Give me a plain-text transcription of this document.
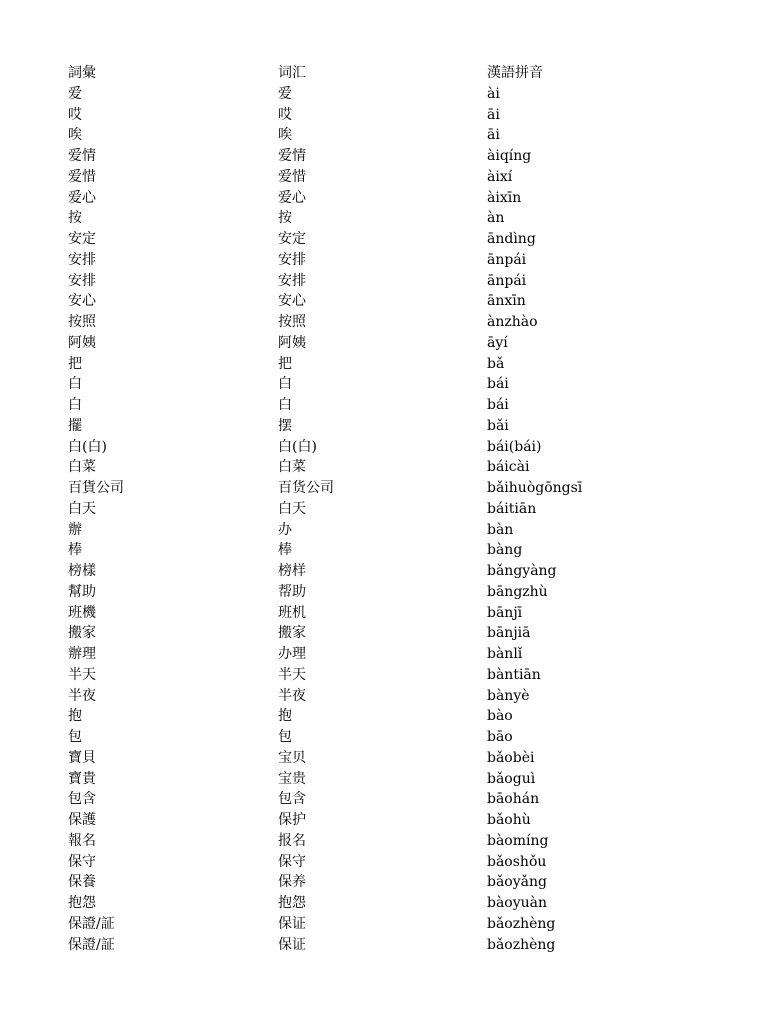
詞彙	词汇	漢語拼音
爱	爱	ài
哎	哎	āi
唉	唉	āi
爱情	爱情	àiqíng
爱惜	爱惜	àixí
爱心	爱心	àixīn
按	按	àn
安定	安定	āndìng
安排	安排	ānpái
安排	安排	ānpái
安心	安心	ānxīn
按照	按照	ànzhào
阿姨	阿姨	āyí
把	把	bǎ
白	白	bái
白	白	bái
擺	摆	bǎi
白(白)	白(白)	bái(bái)
白菜	白菜	báicài
百貨公司	百货公司	bǎihuògōngsī
白天	白天	báitiān
辦	办	bàn
棒	棒	bàng
榜樣	榜样	bǎngyàng
幫助	帮助	bāngzhù
班機	班机	bānjī
搬家	搬家	bānjiā
辦理	办理	bànlǐ
半天	半天	bàntiān
半夜	半夜	bànyè
抱	抱	bào
包	包	bāo
寶貝	宝贝	bǎobèi
寶貴	宝贵	bǎoguì
包含	包含	bāohán
保護	保护	bǎohù
報名	报名	bàomíng
保守	保守	bǎoshǒu
保養	保养	bǎoyǎng
抱怨	抱怨	bàoyuàn
保證/証	保证	bǎozhèng
保證/証	保证	bǎozhèng
